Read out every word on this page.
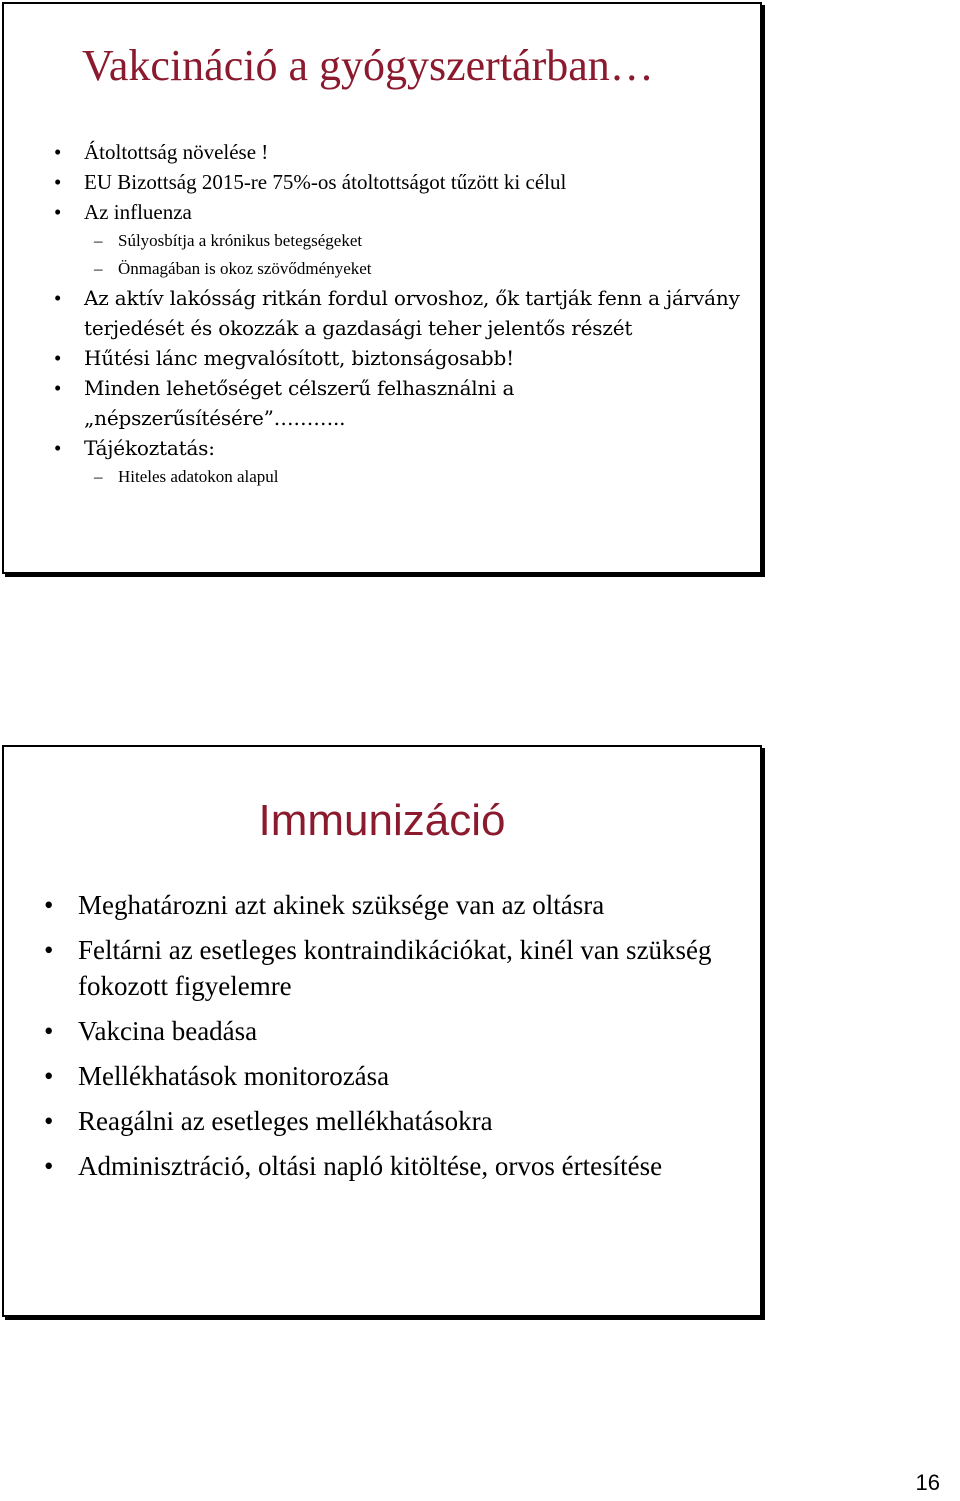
Vakcináció a gyógyszertárban…
• Átoltottság növelése !
• EU Bizottság 2015-re 75%-os átoltottságot tűzött ki célul
• Az influenza
– Súlyosbítja a krónikus betegségeket
– Önmagában is okoz szövődményeket
• Az aktív lakósság ritkán fordul orvoshoz, ők tartják fenn a járvány terjedését és okozzák a gazdasági teher jelentős részét
• Hűtési lánc megvalósított, biztonságosabb!
• Minden lehetőséget célszerű felhasználni a „népszerűsítésére”………..
• Tájékoztatás:
– Hiteles adatokon alapul
Immunizáció
• Meghatározni azt akinek szüksége van az oltásra
• Feltárni az esetleges kontraindikációkat, kinél van szükség fokozott figyelemre
• Vakcina beadása
• Mellékhatások monitorozása
• Reagálni az esetleges mellékhatásokra
• Adminisztráció, oltási napló kitöltése, orvos értesítése
16
